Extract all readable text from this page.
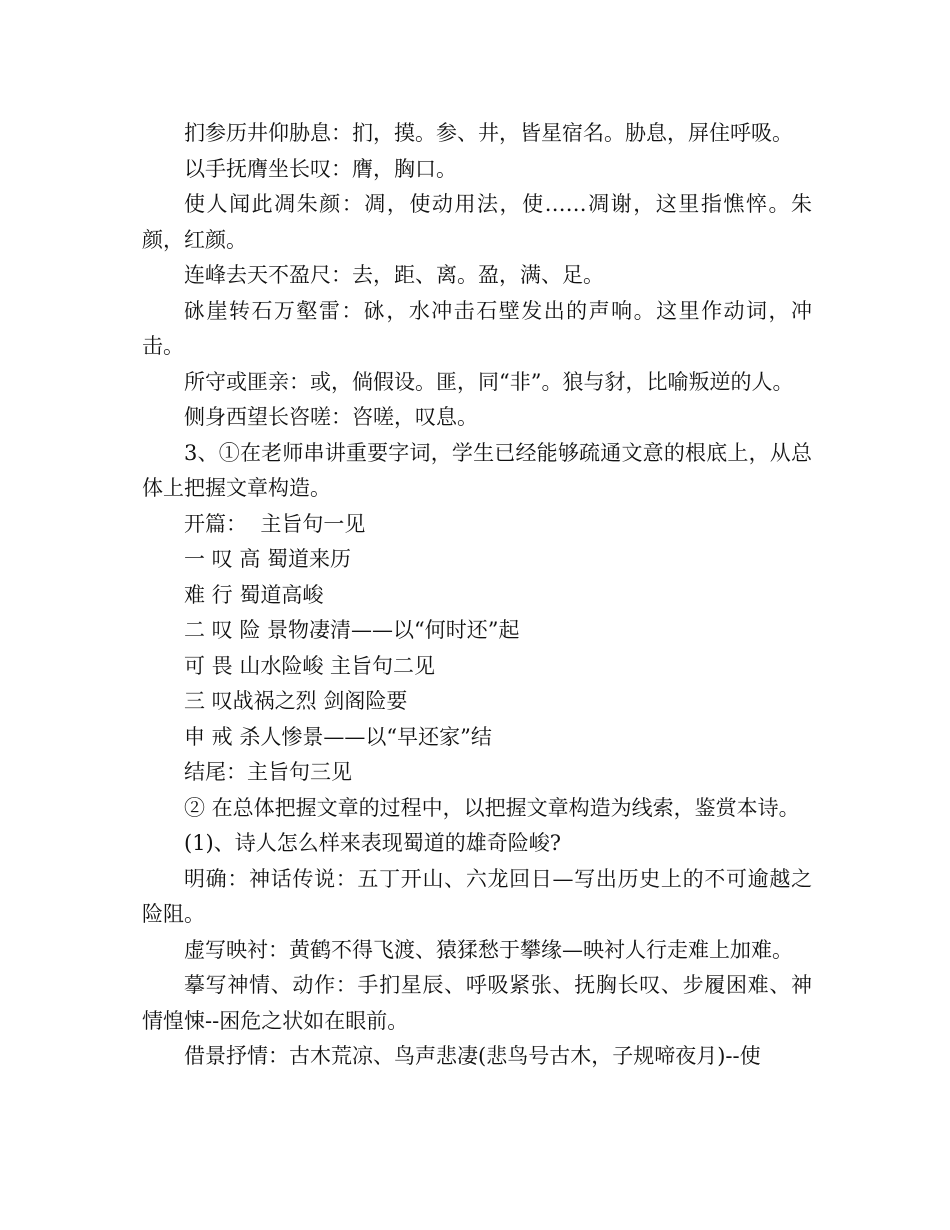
扪参历井仰胁息：扪，摸。参、井，皆星宿名。胁息，屏住呼吸。

以手抚膺坐长叹：膺，胸口。

使人闻此凋朱颜：凋，使动用法，使……凋谢，这里指憔悴。朱颜，红颜。

连峰去天不盈尺：去，距、离。盈，满、足。

砯崖转石万壑雷：砯，水冲击石壁发出的声响。这里作动词，冲击。

所守或匪亲：或，倘假设。匪，同“非”。狼与豺，比喻叛逆的人。

侧身西望长咨嗟：咨嗟，叹息。

3、①在老师串讲重要字词，学生已经能够疏通文意的根底上，从总体上把握文章构造。

开篇：  主旨句一见

一 叹 高 蜀道来历

难 行 蜀道高峻

二 叹 险 景物凄清——以“何时还”起

可 畏 山水险峻 主旨句二见

三 叹战祸之烈 剑阁险要

申 戒 杀人惨景——以“早还家”结

结尾：主旨句三见

② 在总体把握文章的过程中，以把握文章构造为线索，鉴赏本诗。

(1)、诗人怎么样来表现蜀道的雄奇险峻?

明确：神话传说：五丁开山、六龙回日—写出历史上的不可逾越之险阻。

虚写映衬：黄鹤不得飞渡、猿猱愁于攀缘—映衬人行走难上加难。

摹写神情、动作：手扪星辰、呼吸紧张、抚胸长叹、步履困难、神情惶悚--困危之状如在眼前。

借景抒情：古木荒凉、鸟声悲凄(悲鸟号古木，子规啼夜月)--使
